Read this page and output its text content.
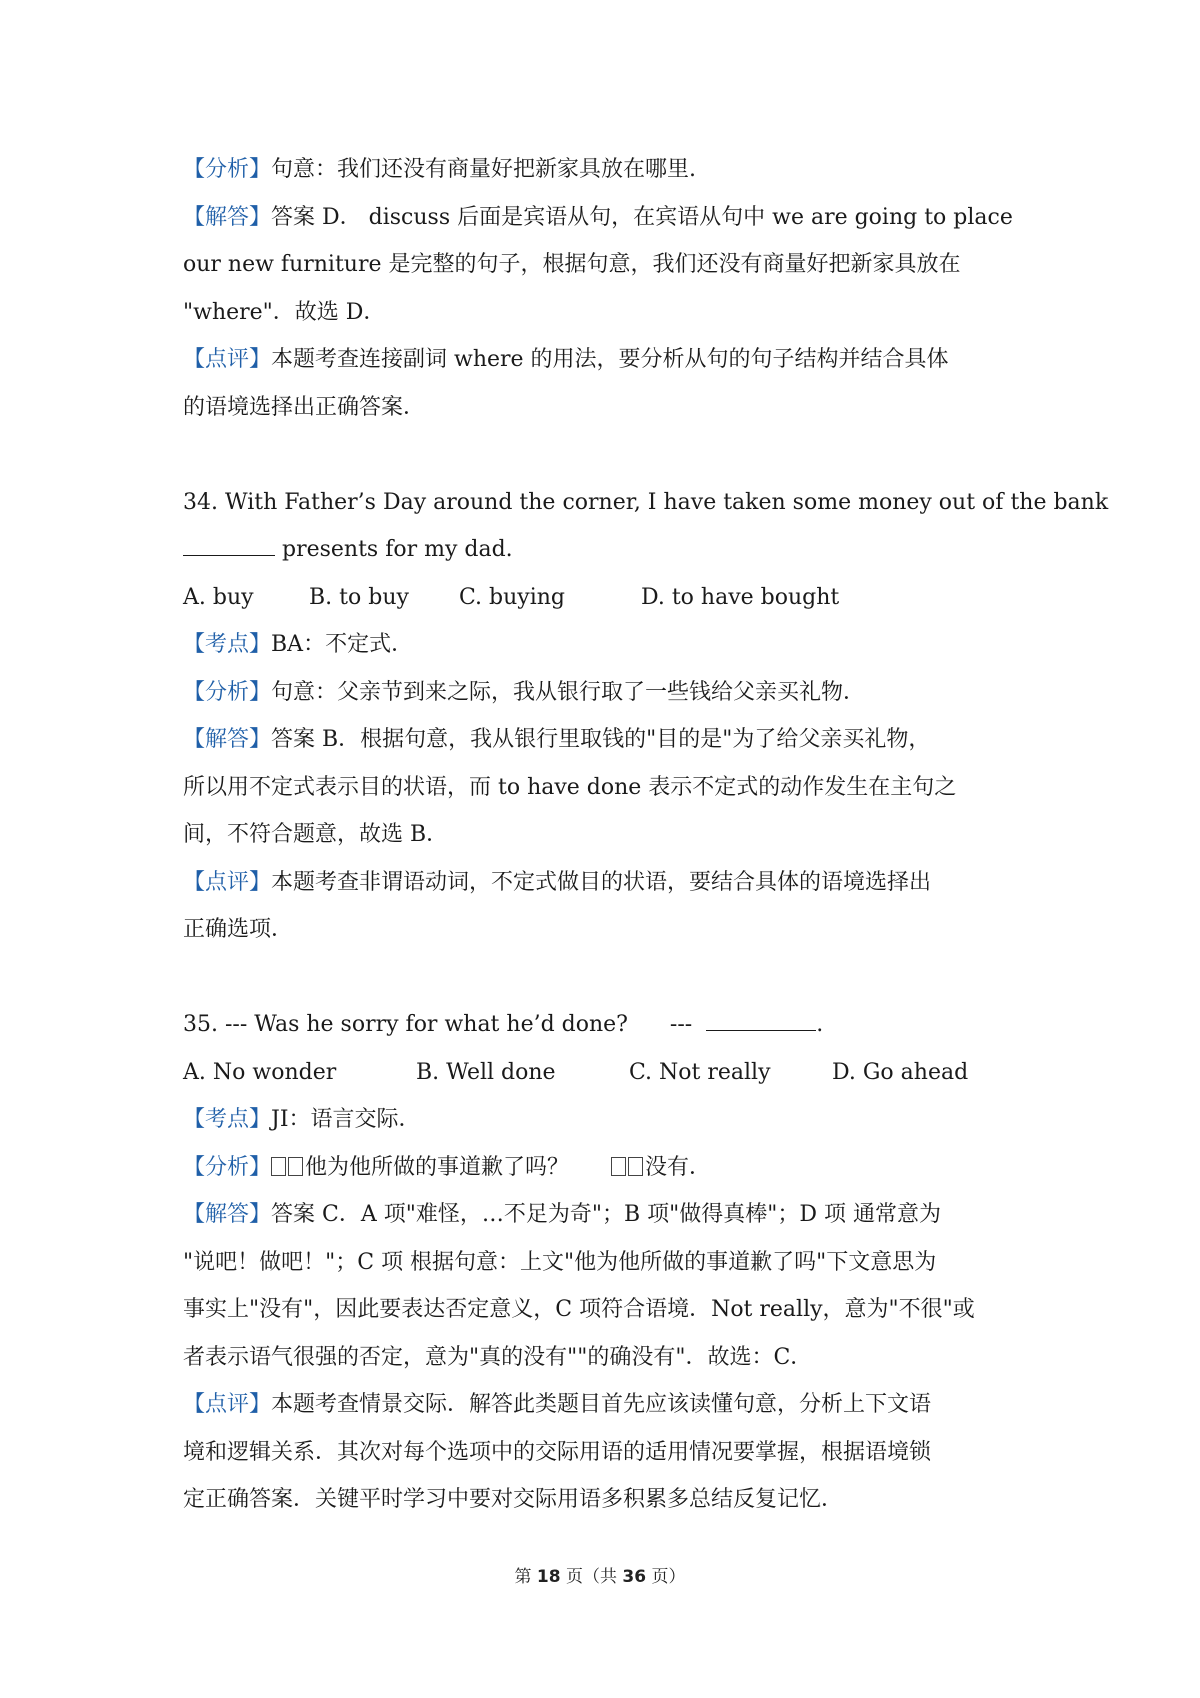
【分析】句意：我们还没有商量好把新家具放在哪里.
【解答】答案 D． discuss 后面是宾语从句，在宾语从句中 we are going to place
our new furniture 是完整的句子，根据句意，我们还没有商量好把新家具放在
"where"．故选 D．
【点评】本题考查连接副词 where 的用法，要分析从句的句子结构并结合具体
的语境选择出正确答案．
34. With Father’s Day around the corner, I have taken some money out of the bank
presents for my dad.
A. buy	B. to buy	C. buying	D. to have bought
【考点】BA：不定式．
【分析】句意：父亲节到来之际，我从银行取了一些钱给父亲买礼物．
【解答】答案 B．根据句意，我从银行里取钱的"目的是"为了给父亲买礼物，
所以用不定式表示目的状语，而 to have done 表示不定式的动作发生在主句之
间，不符合题意，故选 B．
【点评】本题考查非谓语动词，不定式做目的状语，要结合具体的语境选择出
正确选项．
35. --- Was he sorry for what he’d done?      ---	.
A. No wonder	B. Well done	C. Not really	D. Go ahead
【考点】JI：语言交际．
【分析】 他为他所做的事道歉了吗？      没有．
【解答】答案 C．A 项"难怪，…不足为奇"；B 项"做得真棒"；D 项 通常意为
"说吧！做吧！"；C 项 根据句意：上文"他为他所做的事道歉了吗"下文意思为
事实上"没有"，因此要表达否定意义，C 项符合语境．Not really，意为"不很"或
者表示语气很强的否定，意为"真的没有""的确没有"．故选：C．
【点评】本题考查情景交际．解答此类题目首先应该读懂句意，分析上下文语
境和逻辑关系．其次对每个选项中的交际用语的适用情况要掌握，根据语境锁
定正确答案．关键平时学习中要对交际用语多积累多总结反复记忆．
第 18 页（共 36 页）
